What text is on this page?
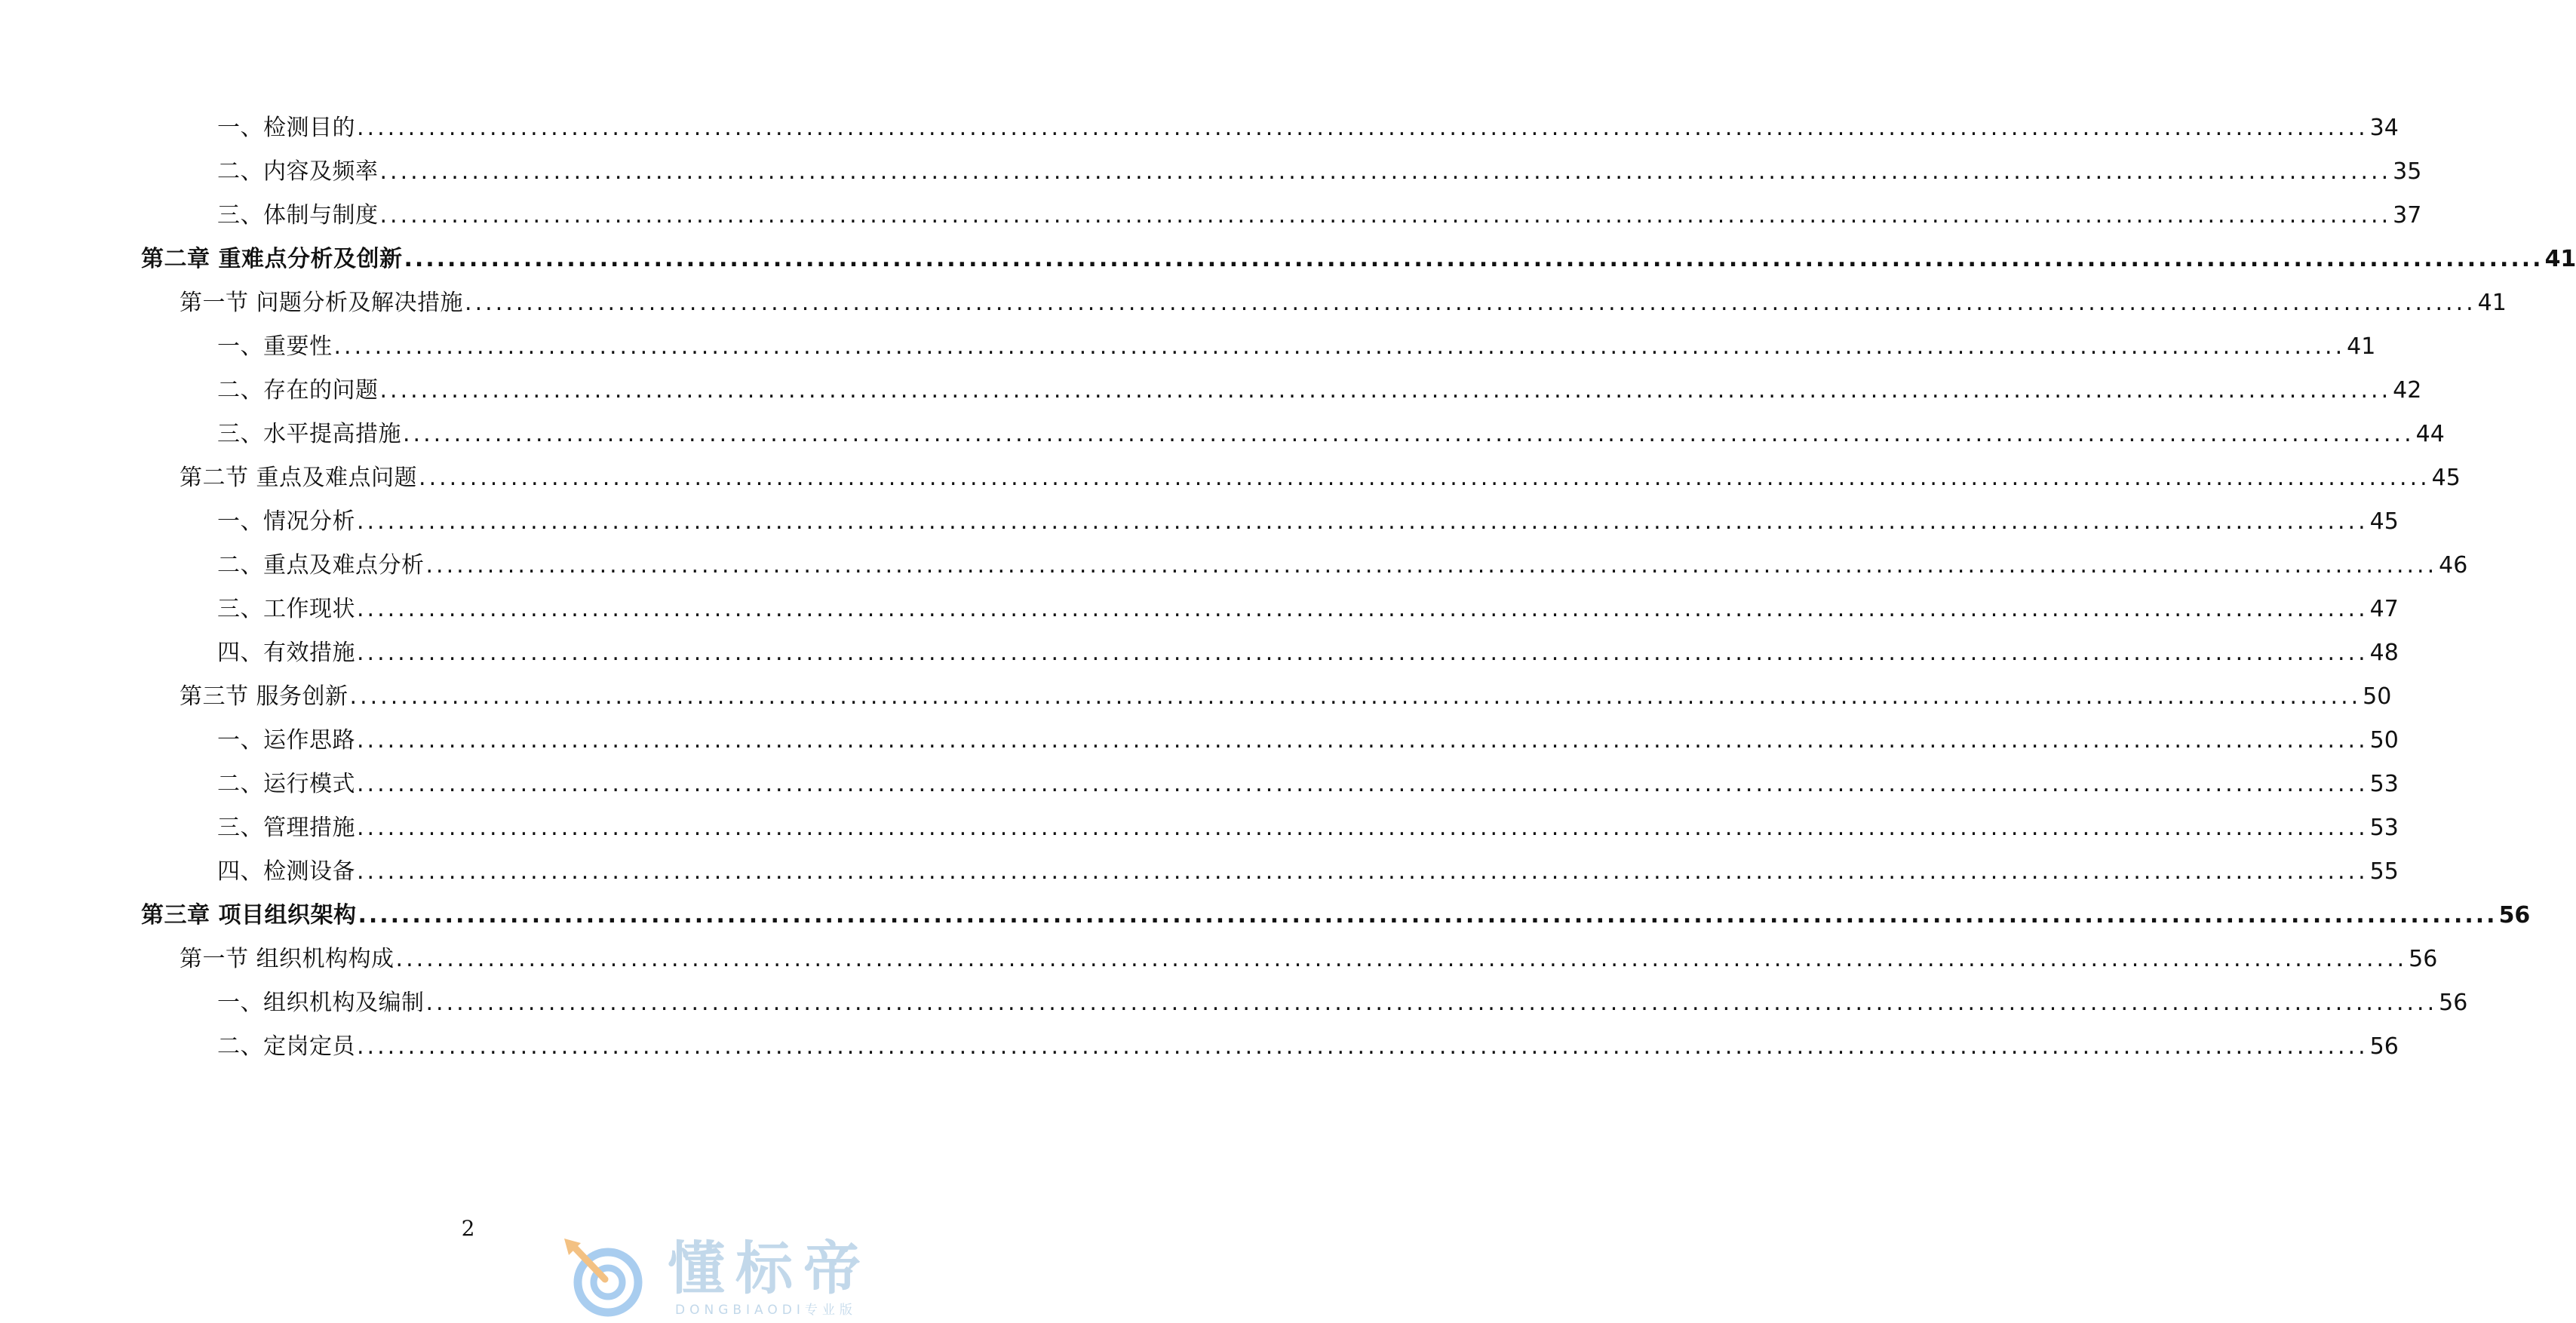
一、检测目的 ..................................................................................................................................................................................................... 34
二、内容及频率 ..................................................................................................................................................................................................... 35
三、体制与制度 ..................................................................................................................................................................................................... 37
第二章 重难点分析及创新 ..................................................................................................................................................................................................... 41
第一节 问题分析及解决措施 ..................................................................................................................................................................................................... 41
一、重要性 ..................................................................................................................................................................................................... 41
二、存在的问题 ..................................................................................................................................................................................................... 42
三、水平提高措施 ..................................................................................................................................................................................................... 44
第二节 重点及难点问题 ..................................................................................................................................................................................................... 45
一、情况分析 ..................................................................................................................................................................................................... 45
二、重点及难点分析 ..................................................................................................................................................................................................... 46
三、工作现状 ..................................................................................................................................................................................................... 47
四、有效措施 ..................................................................................................................................................................................................... 48
第三节 服务创新 ..................................................................................................................................................................................................... 50
一、运作思路 ..................................................................................................................................................................................................... 50
二、运行模式 ..................................................................................................................................................................................................... 53
三、管理措施 ..................................................................................................................................................................................................... 53
四、检测设备 ..................................................................................................................................................................................................... 55
第三章 项目组织架构 ..................................................................................................................................................................................................... 56
第一节 组织机构构成 ..................................................................................................................................................................................................... 56
一、组织机构及编制 ..................................................................................................................................................................................................... 56
二、定岗定员 ..................................................................................................................................................................................................... 56
2
懂标帝
DONGBIAODI专业版
